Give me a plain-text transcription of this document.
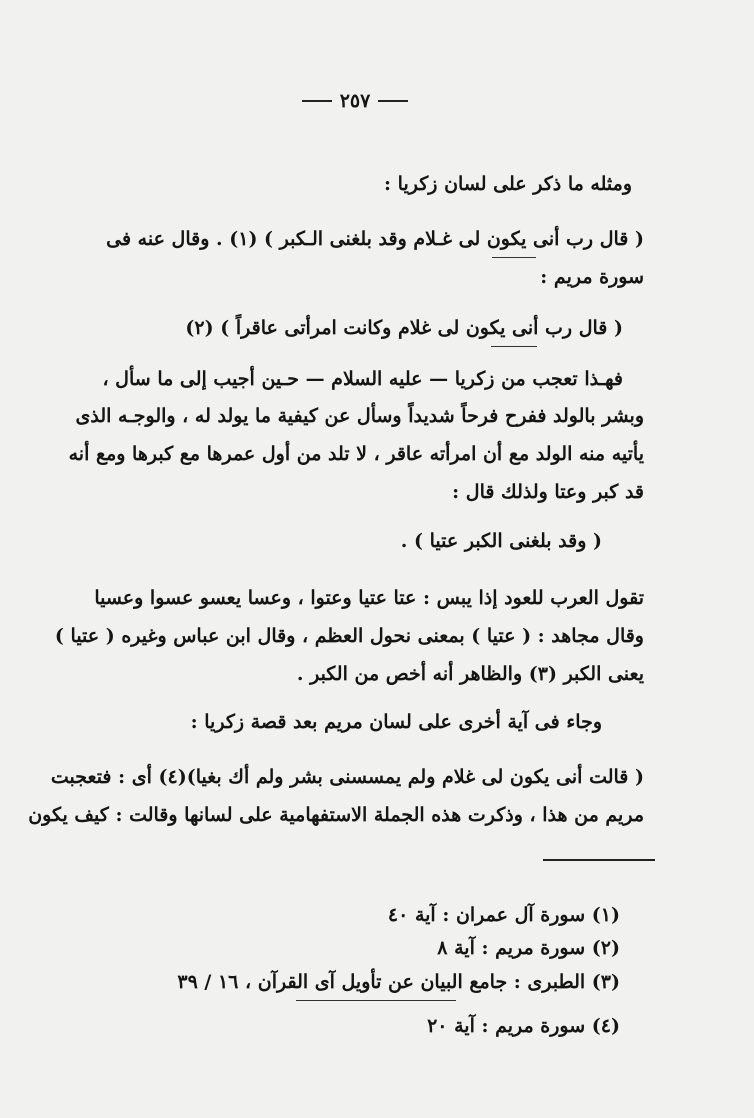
٢٥٧
ومثله ما ذكر على لسان زكريا :
( قال رب أنى يكون لى غـلام وقد بلغنى الـكبر ) (١) . وقال عنه فى
سورة مريم :
( قال رب أنى يكون لى غلام وكانت امرأتى عاقراً ) (٢)
فهـذا تعجب من زكريا — عليه السلام — حـين أجيب إلى ما سأل ،
وبشر بالولد ففرح فرحاً شديداً وسأل عن كيفية ما يولد له ، والوجـه الذى
يأتيه منه الولد مع أن امرأته عاقر ، لا تلد من أول عمرها مع كبرها ومع أنه
قد كبر وعتا ولذلك قال :
( وقد بلغنى الكبر عتيا ) .
تقول العرب للعود إذا يبس : عتا عتيا وعتوا ، وعسا يعسو عسوا وعسيا
وقال مجاهد : ( عتيا ) بمعنى نحول العظم ، وقال ابن عباس وغيره ( عتيا )
يعنى الكبر (٣) والظاهر أنه أخص من الكبر .
وجاء فى آية أخرى على لسان مريم بعد قصة زكريا :
( قالت أنى يكون لى غلام ولم يمسسنى بشر ولم أك بغيا)(٤) أى : فتعجبت
مريم من هذا ، وذكرت هذه الجملة الاستفهامية على لسانها وقالت : كيف يكون
(١) سورة آل عمران : آية ٤٠
(٢) سورة مريم : آية ٨
(٣) الطبرى : جامع البيان عن تأويل آى القرآن ، ١٦ / ٣٩
(٤) سورة مريم : آية ٢٠
